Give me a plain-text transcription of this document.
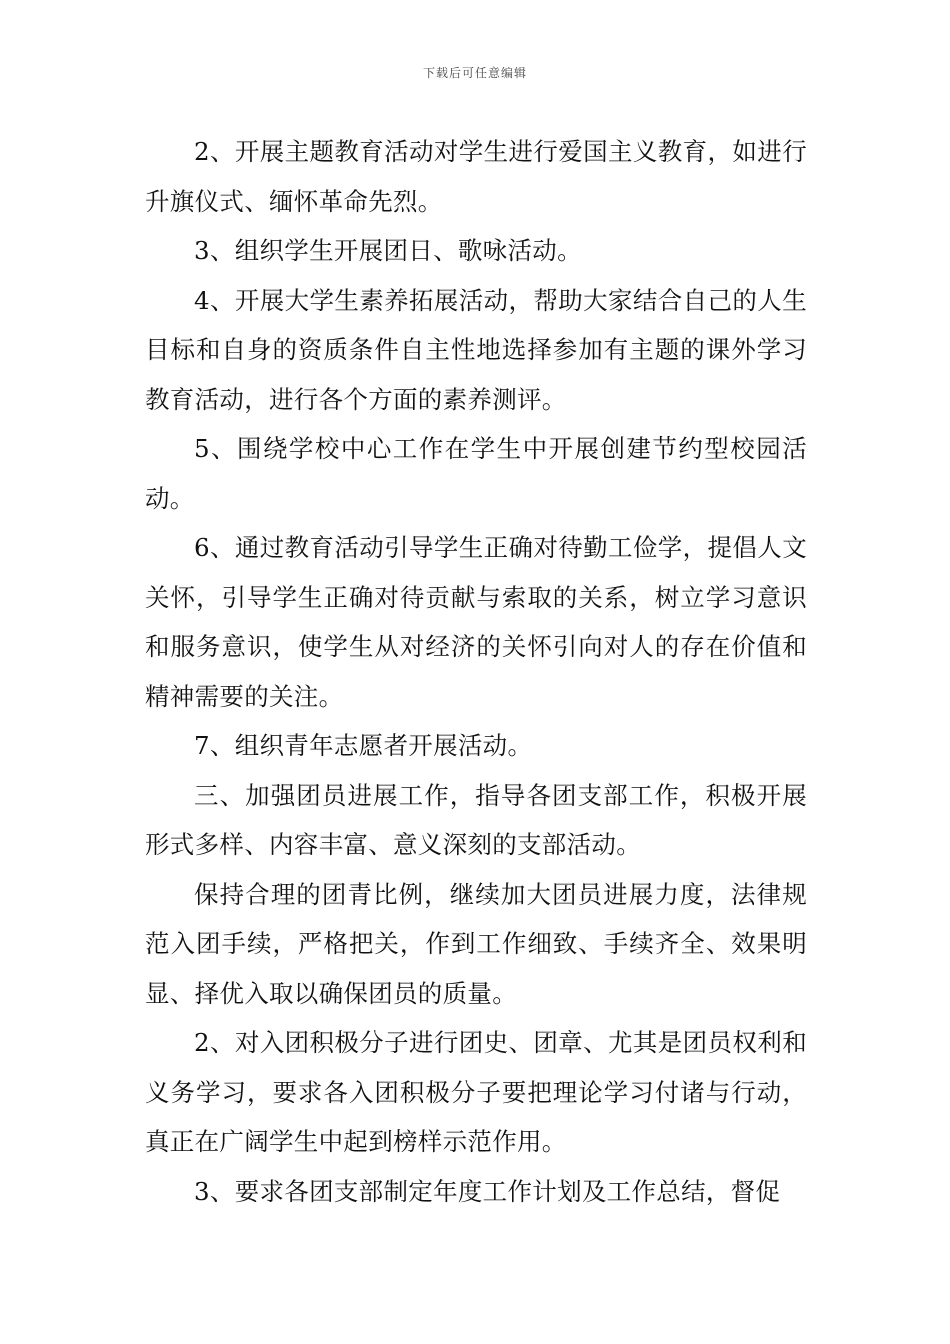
下载后可任意编辑

2、开展主题教育活动对学生进行爱国主义教育，如进行升旗仪式、缅怀革命先烈。

3、组织学生开展团日、歌咏活动。

4、开展大学生素养拓展活动，帮助大家结合自己的人生目标和自身的资质条件自主性地选择参加有主题的课外学习教育活动，进行各个方面的素养测评。

5、围绕学校中心工作在学生中开展创建节约型校园活动。

6、通过教育活动引导学生正确对待勤工俭学，提倡人文关怀，引导学生正确对待贡献与索取的关系，树立学习意识和服务意识，使学生从对经济的关怀引向对人的存在价值和精神需要的关注。

7、组织青年志愿者开展活动。

三、加强团员进展工作，指导各团支部工作，积极开展形式多样、内容丰富、意义深刻的支部活动。

保持合理的团青比例，继续加大团员进展力度，法律规范入团手续，严格把关，作到工作细致、手续齐全、效果明显、择优入取以确保团员的质量。

2、对入团积极分子进行团史、团章、尤其是团员权利和义务学习，要求各入团积极分子要把理论学习付诸与行动，真正在广阔学生中起到榜样示范作用。

3、要求各团支部制定年度工作计划及工作总结，督促
